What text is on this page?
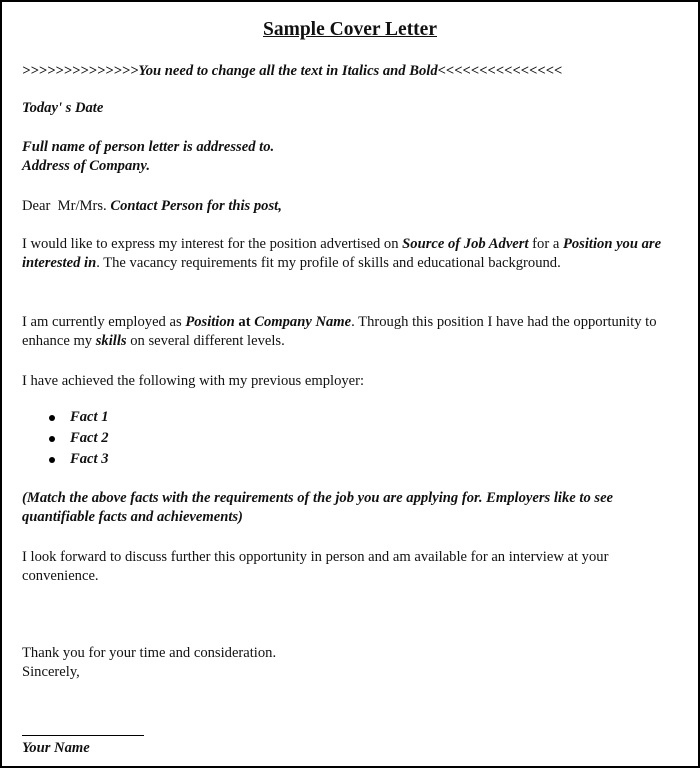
Sample Cover Letter

>>>>>>>>>>>>>>You need to change all the text in Italics and Bold<<<<<<<<<<<<<<<

Today' s Date

Full name of person letter is addressed to.
Address of Company.

Dear  Mr/Mrs. Contact Person for this post,

I would like to express my interest for the position advertised on Source of Job Advert for a Position you are interested in. The vacancy requirements fit my profile of skills and educational background.

I am currently employed as Position at Company Name. Through this position I have had the opportunity to enhance my skills on several different levels.

I have achieved the following with my previous employer:

Fact 1
Fact 2
Fact 3

(Match the above facts with the requirements of the job you are applying for. Employers like to see quantifiable facts and achievements)

I look forward to discuss further this opportunity in person and am available for an interview at your convenience.

Thank you for your time and consideration.
Sincerely,

Your Name
